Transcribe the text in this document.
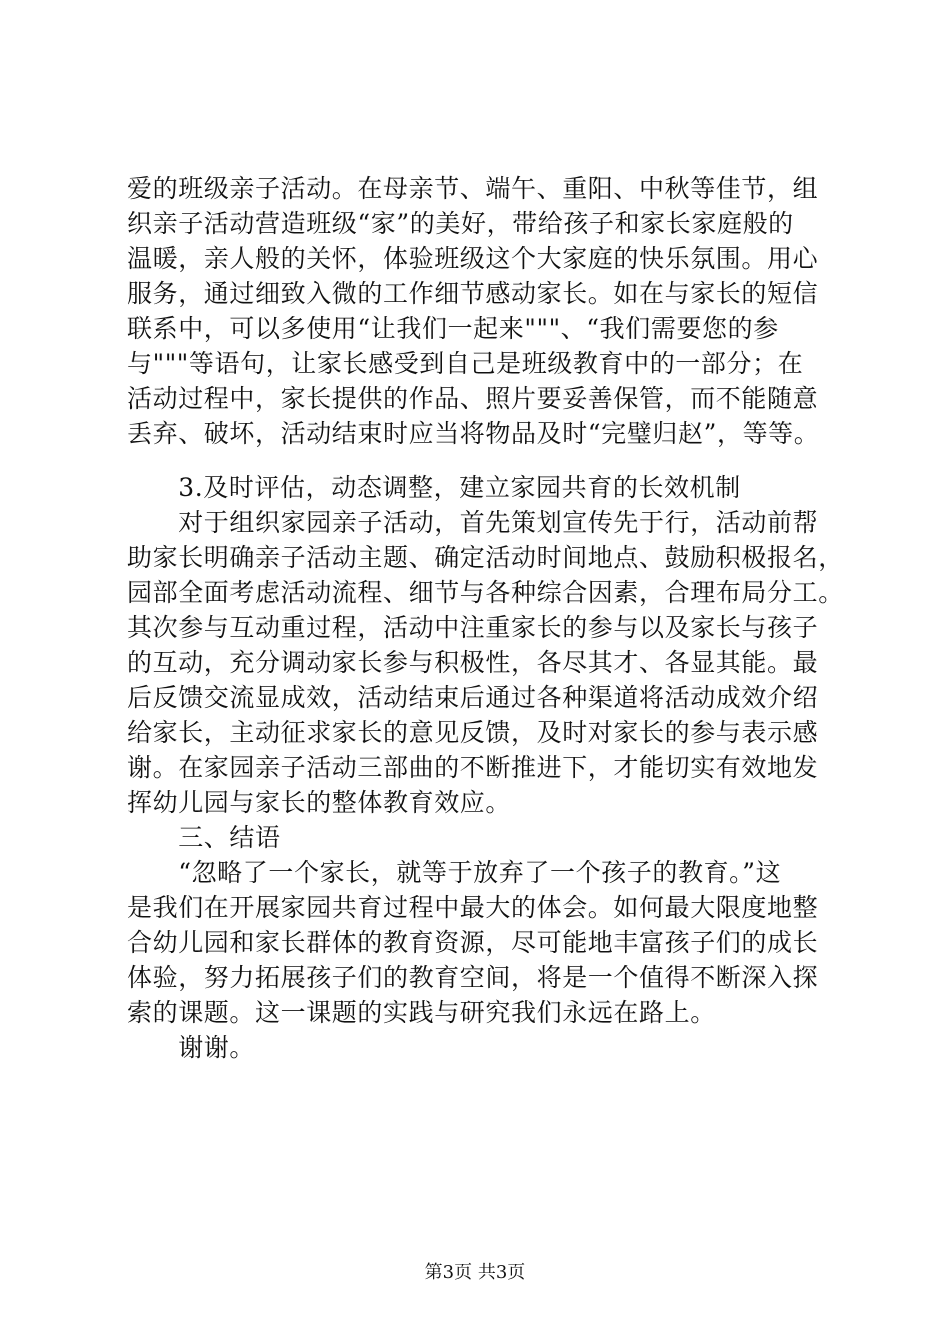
爱的班级亲子活动。在母亲节、端午、重阳、中秋等佳节，组
织亲子活动营造班级“家”的美好，带给孩子和家长家庭般的
温暖，亲人般的关怀，体验班级这个大家庭的快乐氛围。用心
服务，通过细致入微的工作细节感动家长。如在与家长的短信
联系中，可以多使用“让我们一起来"""、“我们需要您的参
与"""等语句，让家长感受到自己是班级教育中的一部分；在
活动过程中，家长提供的作品、照片要妥善保管，而不能随意
丢弃、破坏，活动结束时应当将物品及时“完璧归赵”，等等。
　　3.及时评估，动态调整，建立家园共育的长效机制
　　对于组织家园亲子活动，首先策划宣传先于行，活动前帮
助家长明确亲子活动主题、确定活动时间地点、鼓励积极报名，
园部全面考虑活动流程、细节与各种综合因素，合理布局分工。
其次参与互动重过程，活动中注重家长的参与以及家长与孩子
的互动，充分调动家长参与积极性，各尽其才、各显其能。最
后反馈交流显成效，活动结束后通过各种渠道将活动成效介绍
给家长，主动征求家长的意见反馈，及时对家长的参与表示感
谢。在家园亲子活动三部曲的不断推进下，才能切实有效地发
挥幼儿园与家长的整体教育效应。
　　三、结语
　　“忽略了一个家长，就等于放弃了一个孩子的教育。”这
是我们在开展家园共育过程中最大的体会。如何最大限度地整
合幼儿园和家长群体的教育资源，尽可能地丰富孩子们的成长
体验，努力拓展孩子们的教育空间，将是一个值得不断深入探
索的课题。这一课题的实践与研究我们永远在路上。
　　谢谢。
第3页 共3页
